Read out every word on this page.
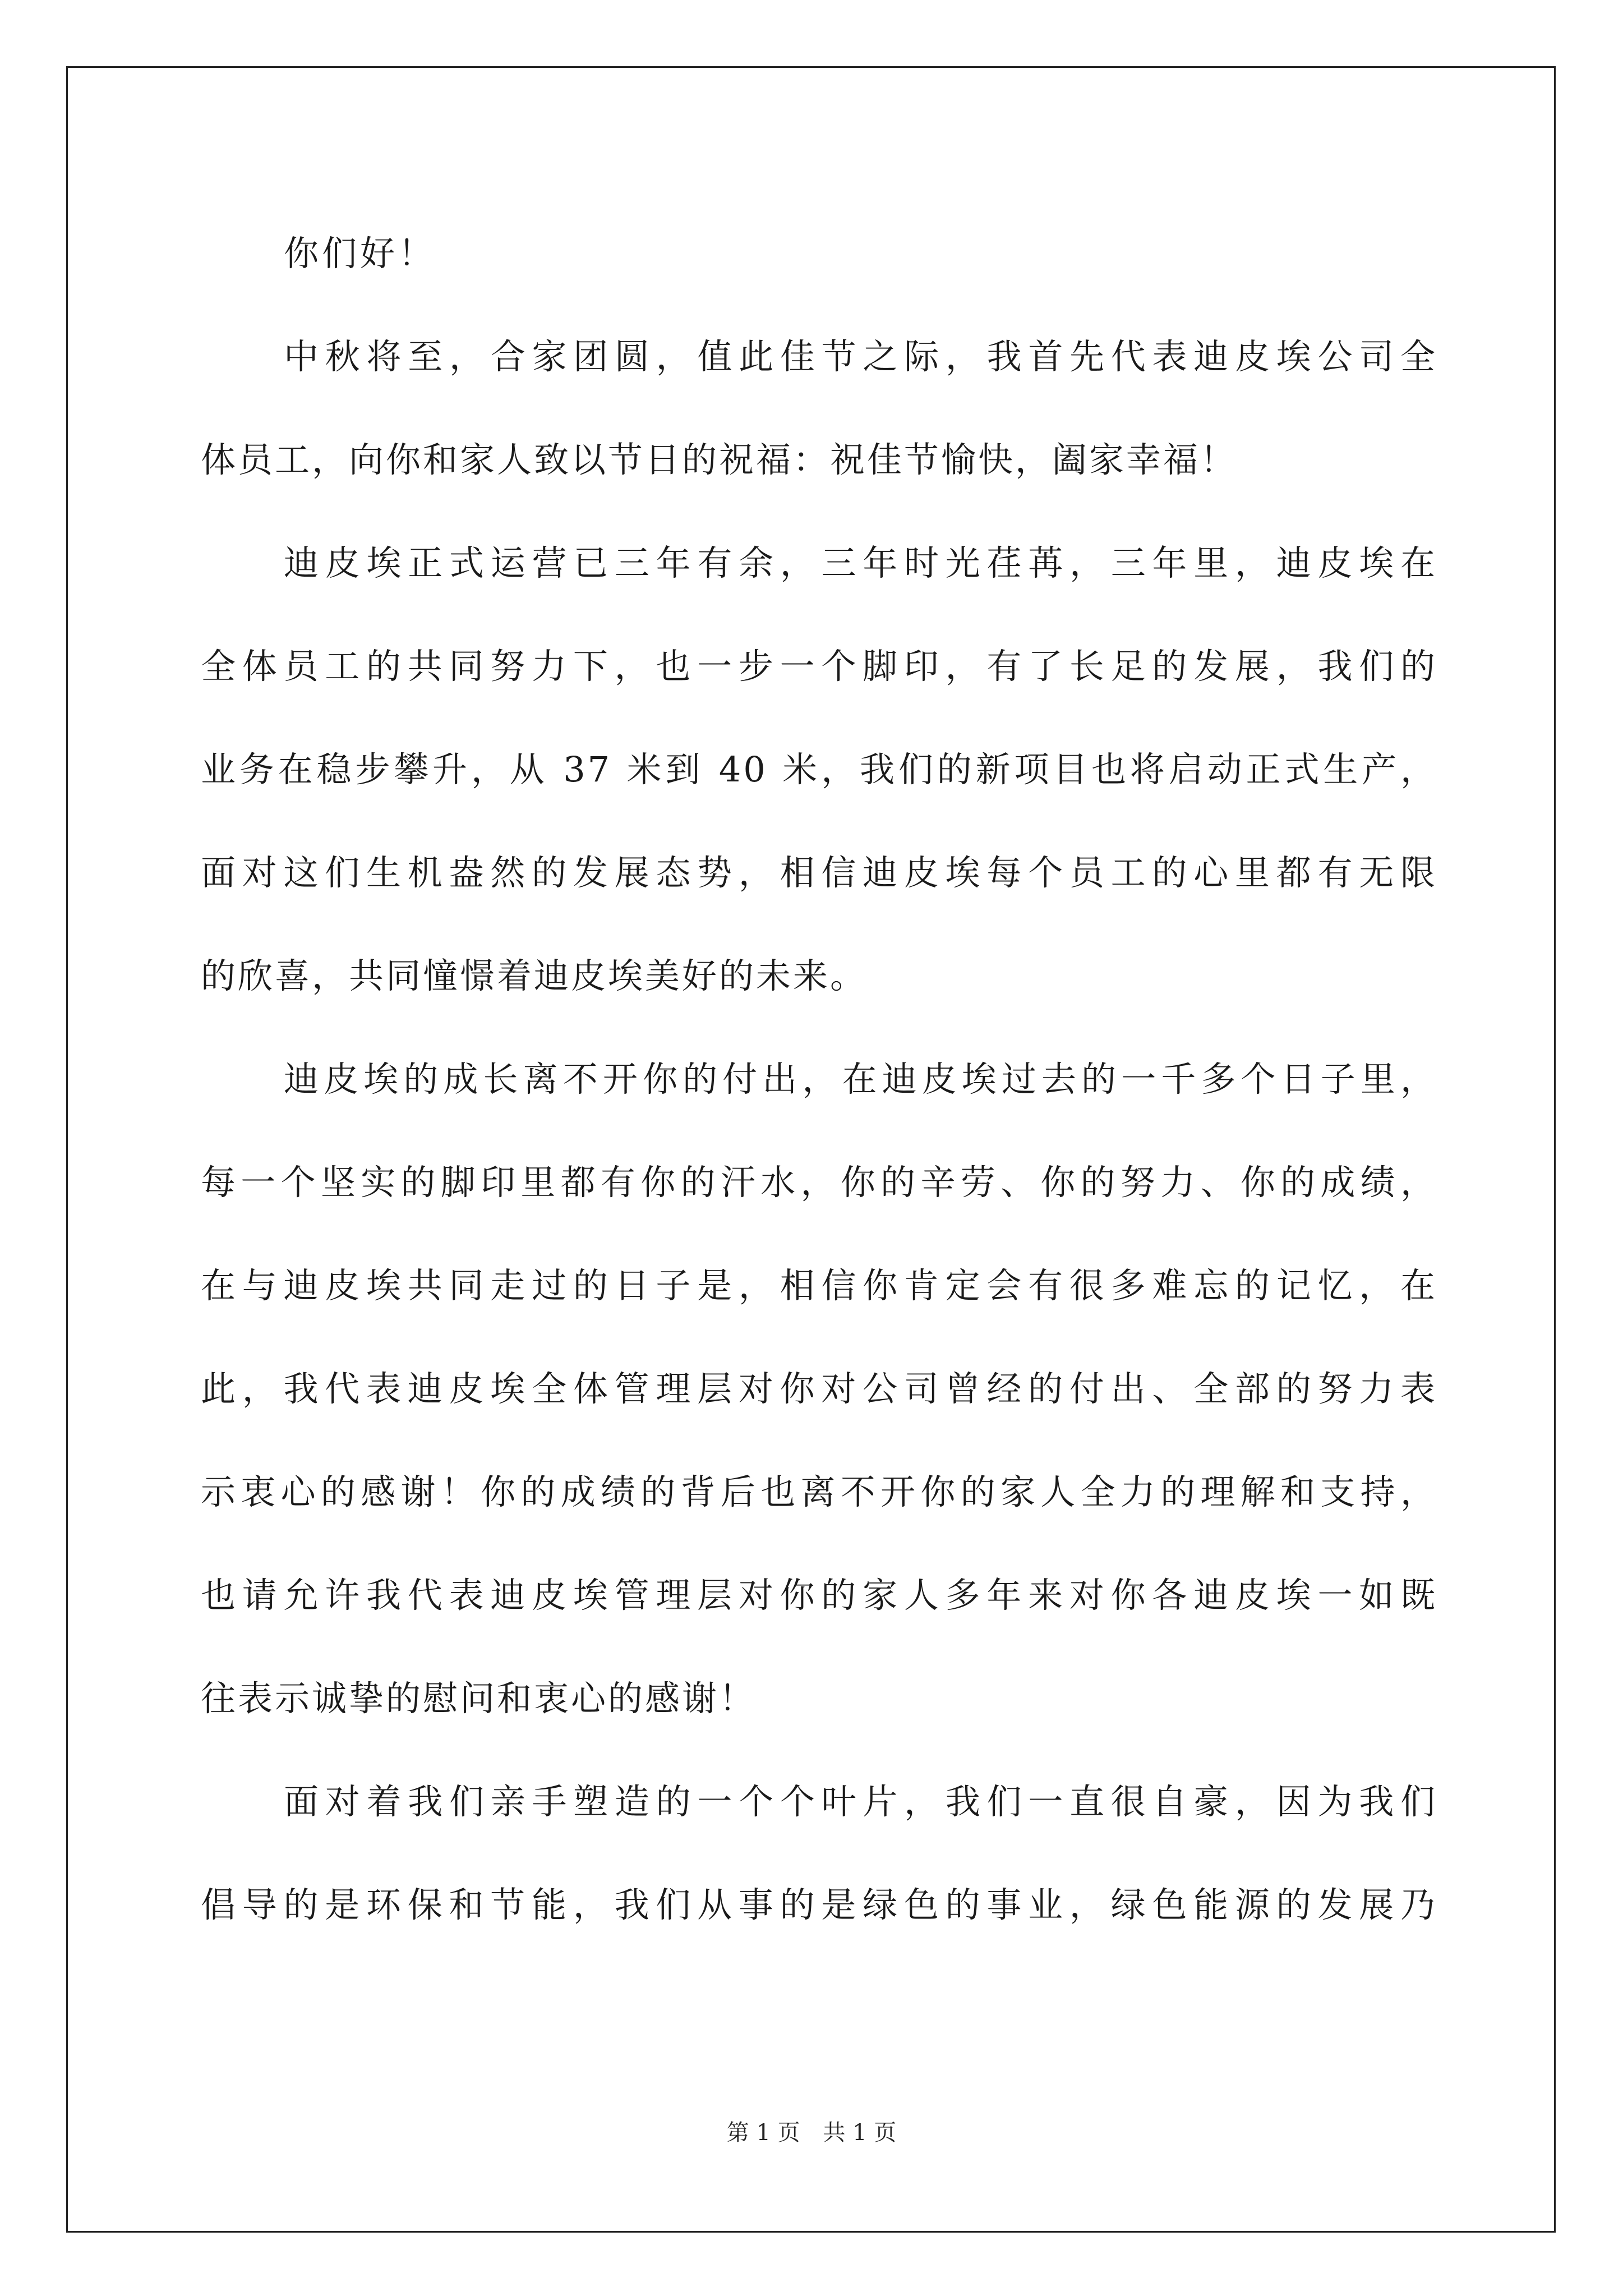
你们好！

中秋将至，合家团圆，值此佳节之际，我首先代表迪皮埃公司全
体员工，向你和家人致以节日的祝福：祝佳节愉快，阖家幸福！
迪皮埃正式运营已三年有余，三年时光荏苒，三年里，迪皮埃在
全体员工的共同努力下，也一步一个脚印，有了长足的发展，我们的
业务在稳步攀升，从 37 米到 40 米，我们的新项目也将启动正式生产，
面对这们生机盎然的发展态势，相信迪皮埃每个员工的心里都有无限
的欣喜，共同憧憬着迪皮埃美好的未来。
迪皮埃的成长离不开你的付出，在迪皮埃过去的一千多个日子里，
每一个坚实的脚印里都有你的汗水，你的辛劳、你的努力、你的成绩，
在与迪皮埃共同走过的日子是，相信你肯定会有很多难忘的记忆，在
此，我代表迪皮埃全体管理层对你对公司曾经的付出、全部的努力表
示衷心的感谢！你的成绩的背后也离不开你的家人全力的理解和支持，
也请允许我代表迪皮埃管理层对你的家人多年来对你各迪皮埃一如既
往表示诚挚的慰问和衷心的感谢！
面对着我们亲手塑造的一个个叶片，我们一直很自豪，因为我们
倡导的是环保和节能，我们从事的是绿色的事业，绿色能源的发展乃
第 1 页 共 1 页
